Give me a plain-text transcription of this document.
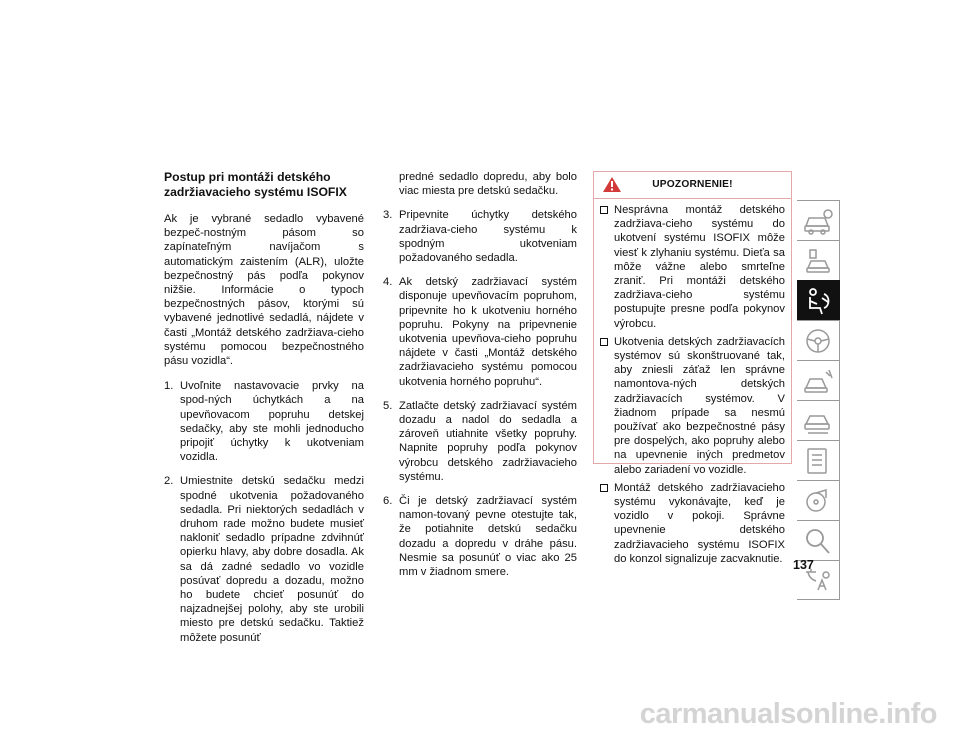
Postup pri montáži detského zadržiavacieho systému ISOFIX

Ak je vybrané sedadlo vybavené bezpeč-nostným pásom so zapínateľným navíjačom s automatickým zaistením (ALR), uložte bezpečnostný pás podľa pokynov nižšie. Informácie o typoch bezpečnostných pásov, ktorými sú vybavené jednotlivé sedadlá, nájdete v časti „Montáž detského zadržiava-cieho systému pomocou bezpečnostného pásu vozidla“.

1. Uvoľnite nastavovacie prvky na spod-ných úchytkách a na upevňovacom popruhu detskej sedačky, aby ste mohli jednoducho pripojiť úchytky k ukotveniam vozidla.
2. Umiestnite detskú sedačku medzi spodné ukotvenia požadovaného sedadla. Pri niektorých sedadlách v druhom rade možno budete musieť nakloniť sedadlo prípadne zdvihnúť opierku hlavy, aby dobre dosadla. Ak sa dá zadné sedadlo vo vozidle posúvať dopredu a dozadu, možno ho budete chcieť posunúť do najzadnejšej polohy, aby ste urobili miesto pre detskú sedačku. Taktiež môžete posunúť
predné sedadlo dopredu, aby bolo viac miesta pre detskú sedačku.
3. Pripevnite úchytky detského zadržiava-cieho systému k spodným ukotveniam požadovaného sedadla.
4. Ak detský zadržiavací systém disponuje upevňovacím popruhom, pripevnite ho k ukotveniu horného popruhu. Pokyny na pripevnenie ukotvenia upevňova-cieho popruhu nájdete v časti „Montáž detského zadržiavacieho systému pomocou ukotvenia horného popruhu“.
5. Zatlačte detský zadržiavací systém dozadu a nadol do sedadla a zároveň utiahnite všetky popruhy. Napnite popruhy podľa pokynov výrobcu detského zadržiavacieho systému.
6. Či je detský zadržiavací systém namon-tovaný pevne otestujte tak, že potiahnite detskú sedačku dozadu a dopredu v dráhe pásu. Nesmie sa posunúť o viac ako 25 mm v žiadnom smere.
UPOZORNENIE!
Nesprávna montáž detského zadržiava-cieho systému do ukotvení systému ISOFIX môže viesť k zlyhaniu systému. Dieťa sa môže vážne alebo smrteľne zraniť. Pri montáži detského zadržiava-cieho systému postupujte presne podľa pokynov výrobcu.
Ukotvenia detských zadržiavacích systémov sú skonštruované tak, aby zniesli záťaž len správne namontova-ných detských zadržiavacích systémov. V žiadnom prípade sa nesmú používať ako bezpečnostné pásy pre dospelých, ako popruhy alebo na upevnenie iných predmetov alebo zariadení vo vozidle.
Montáž detského zadržiavacieho systému vykonávajte, keď je vozidlo v pokoji. Správne upevnenie detského zadržiavacieho systému ISOFIX do konzol signalizuje zacvaknutie. 137
carmanualsonline.info
